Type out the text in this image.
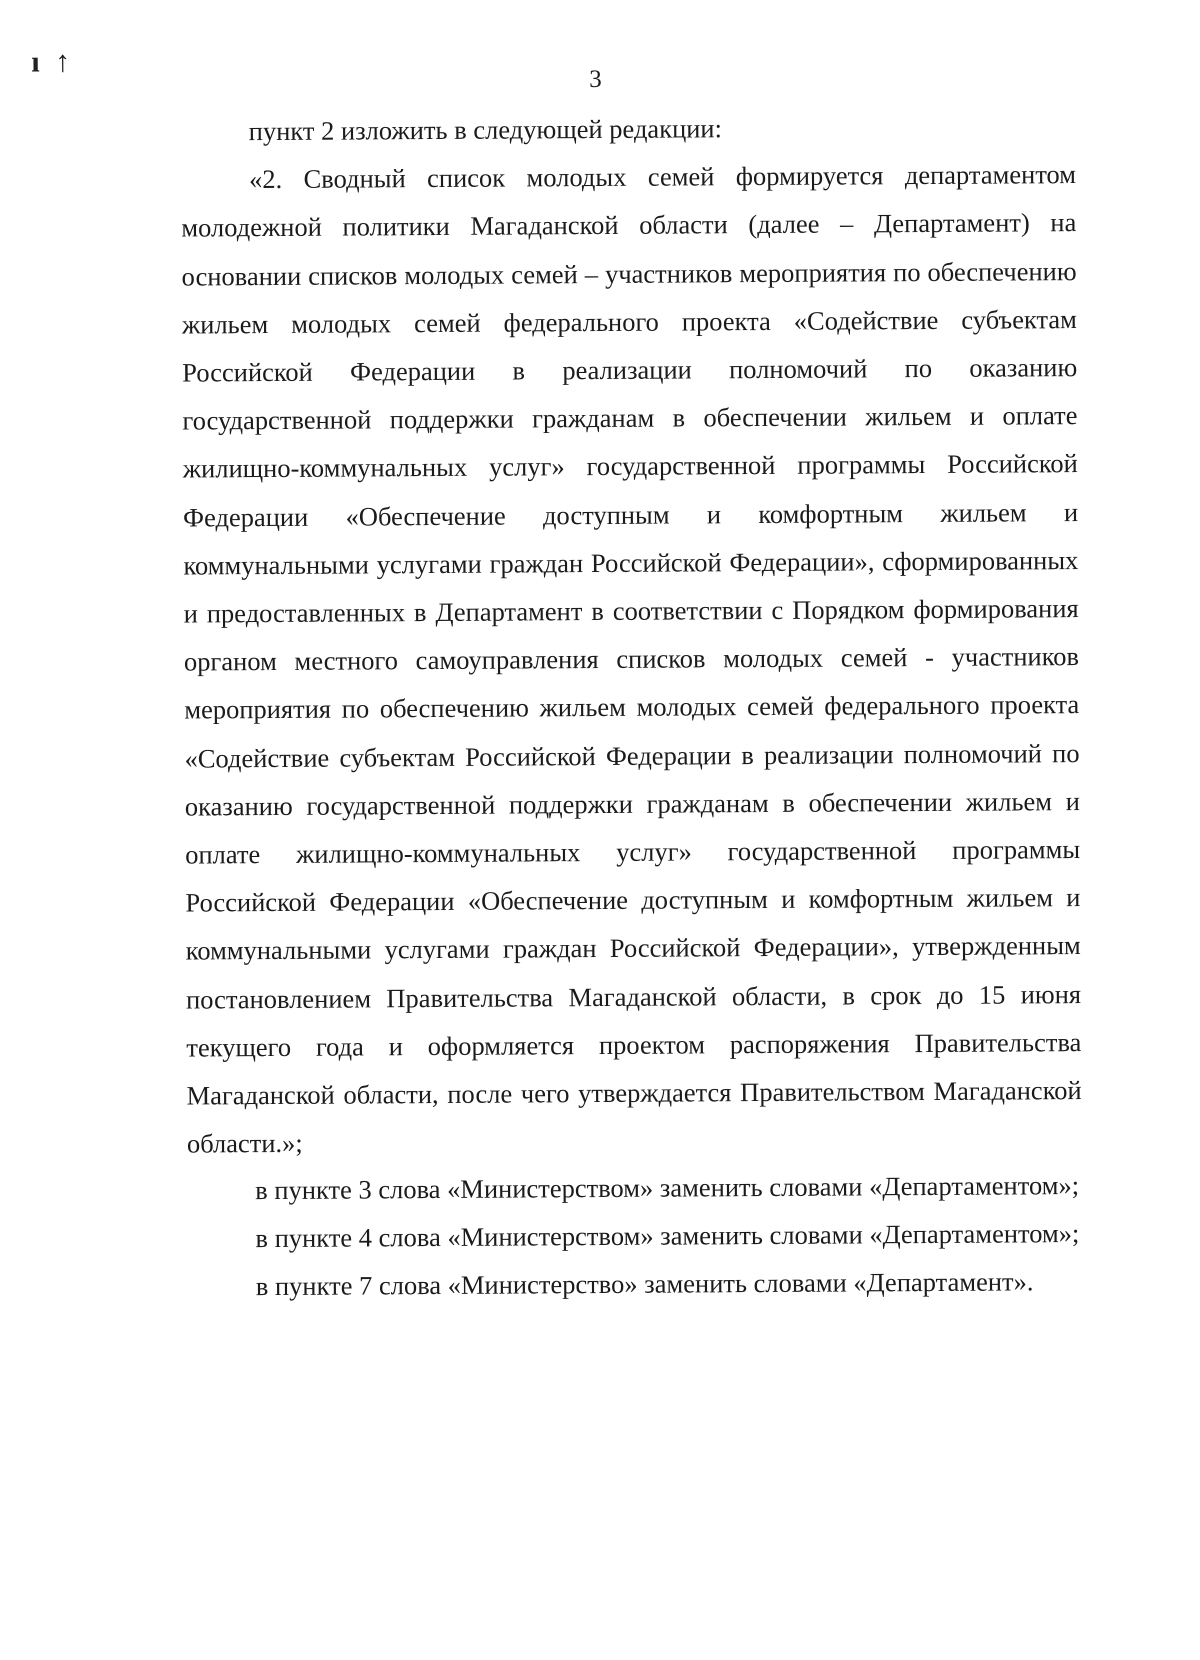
ı ↑
3

пункт 2 изложить в следующей редакции:

«2. Сводный список молодых семей формируется департаментом молодежной политики Магаданской области (далее – Департамент) на основании списков молодых семей – участников мероприятия по обеспечению жильем молодых семей федерального проекта «Содействие субъектам Российской Федерации в реализации полномочий по оказанию государственной поддержки гражданам в обеспечении жильем и оплате жилищно-коммунальных услуг» государственной программы Российской Федерации «Обеспечение доступным и комфортным жильем и коммунальными услугами граждан Российской Федерации», сформированных и предоставленных в Департамент в соответствии с Порядком формирования органом местного самоуправления списков молодых семей - участников мероприятия по обеспечению жильем молодых семей федерального проекта «Содействие субъектам Российской Федерации в реализации полномочий по оказанию государственной поддержки гражданам в обеспечении жильем и оплате жилищно-коммунальных услуг» государственной программы Российской Федерации «Обеспечение доступным и комфортным жильем и коммунальными услугами граждан Российской Федерации», утвержденным постановлением Правительства Магаданской области, в срок до 15 июня текущего года и оформляется проектом распоряжения Правительства Магаданской области, после чего утверждается Правительством Магаданской области.»;

в пункте 3 слова «Министерством» заменить словами «Департаментом»;

в пункте 4 слова «Министерством» заменить словами «Департаментом»;

в пункте 7 слова «Министерство» заменить словами «Департамент».
